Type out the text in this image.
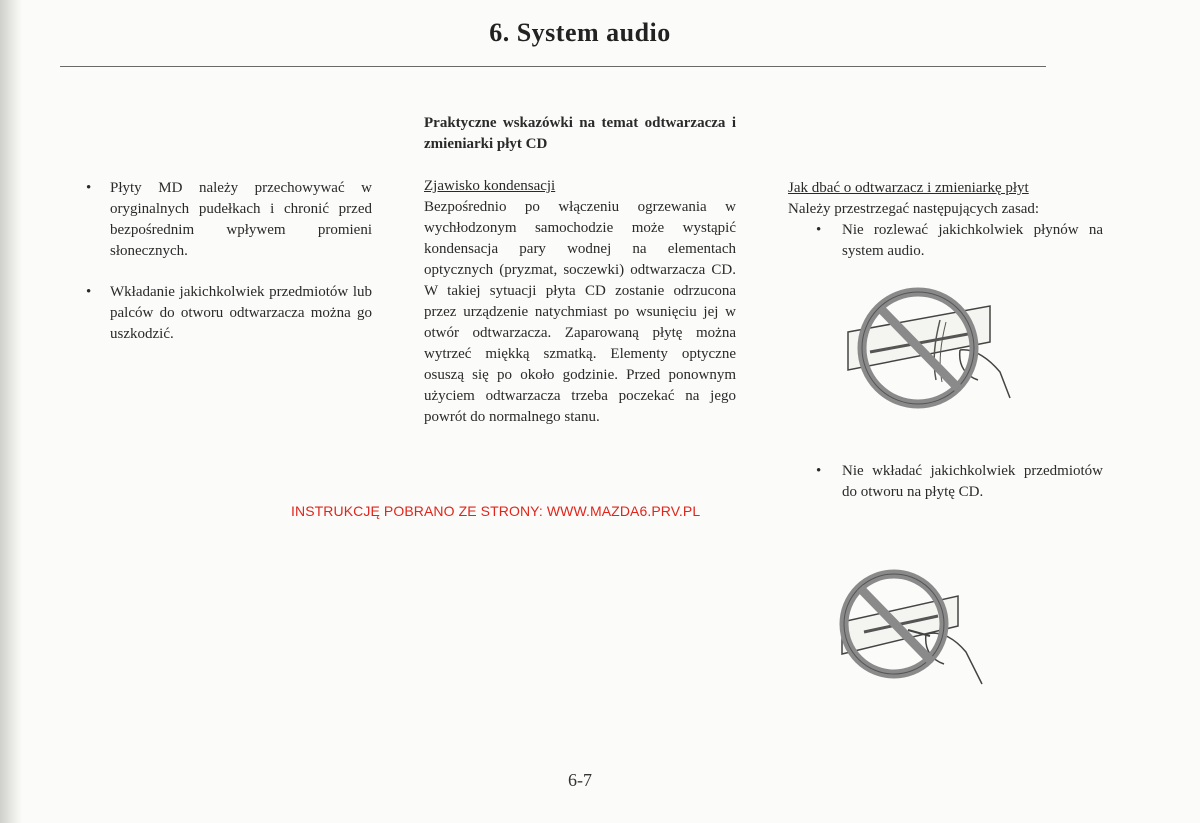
6. System audio
• Płyty MD należy przechowywać w oryginalnych pudełkach i chronić przed bezpośrednim wpływem promieni słonecznych.
• Wkładanie jakichkolwiek przedmiotów lub palców do otworu odtwarzacza można go uszkodzić.
Praktyczne wskazówki na temat odtwarzacza i zmieniarki płyt CD
Zjawisko kondensacji
Bezpośrednio po włączeniu ogrzewania w wychłodzonym samochodzie może wystąpić kondensacja pary wodnej na elementach optycznych (pryzmat, soczewki) odtwarzacza CD. W takiej sytuacji płyta CD zostanie odrzucona przez urządzenie natychmiast po wsunięciu jej w otwór odtwarzacza. Zaparowaną płytę można wytrzeć miękką szmatką. Elementy optyczne osuszą się po około godzinie. Przed ponownym użyciem odtwarzacza trzeba poczekać na jego powrót do normalnego stanu.
Jak dbać o odtwarzacz i zmieniarkę płyt
Należy przestrzegać następujących zasad:
• Nie rozlewać jakichkolwiek płynów na system audio.
• Nie wkładać jakichkolwiek przedmiotów do otworu na płytę CD.
INSTRUKCJĘ POBRANO ZE STRONY: WWW.MAZDA6.PRV.PL
6-7
